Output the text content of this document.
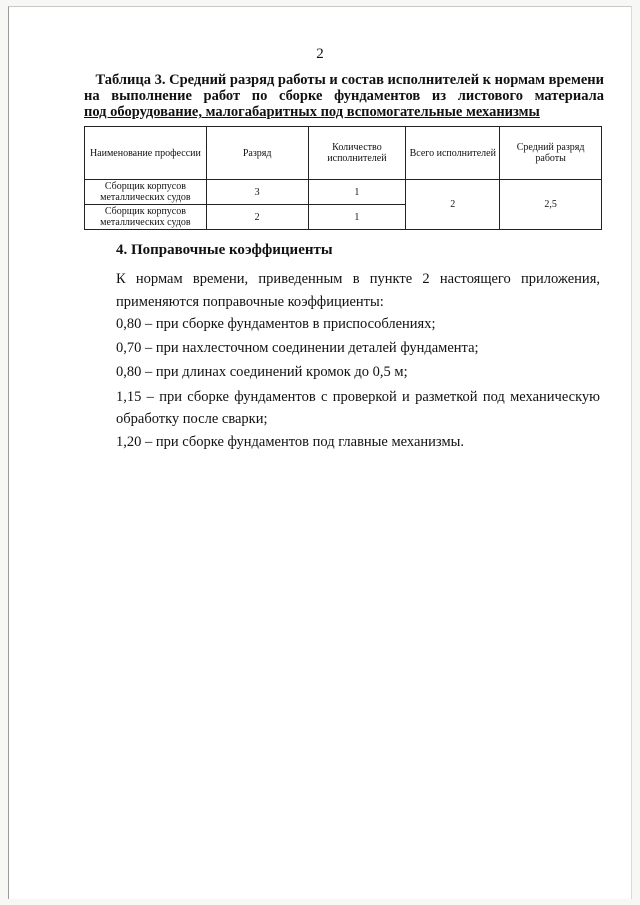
2
Таблица 3. Средний разряд работы и состав исполнителей к нормам времени
на выполнение работ по сборке фундаментов из листового материала
под оборудование, малогабаритных под вспомогательные механизмы
Наименование профессии	Разряд	Количество исполнителей	Всего исполнителей	Средний разряд работы
Сборщик корпусов металлических судов	3	1	2	2,5
Сборщик корпусов металлических судов	2	1		
4. Поправочные коэффициенты
К нормам времени, приведенным в пункте 2 настоящего приложения, применяются поправочные коэффициенты:
0,80 – при сборке фундаментов в приспособлениях;
0,70 – при нахлесточном соединении деталей фундамента;
0,80 – при длинах соединений кромок до 0,5 м;
1,15 – при сборке фундаментов с проверкой и разметкой под механическую обработку после сварки;
1,20 – при сборке фундаментов под главные механизмы.
